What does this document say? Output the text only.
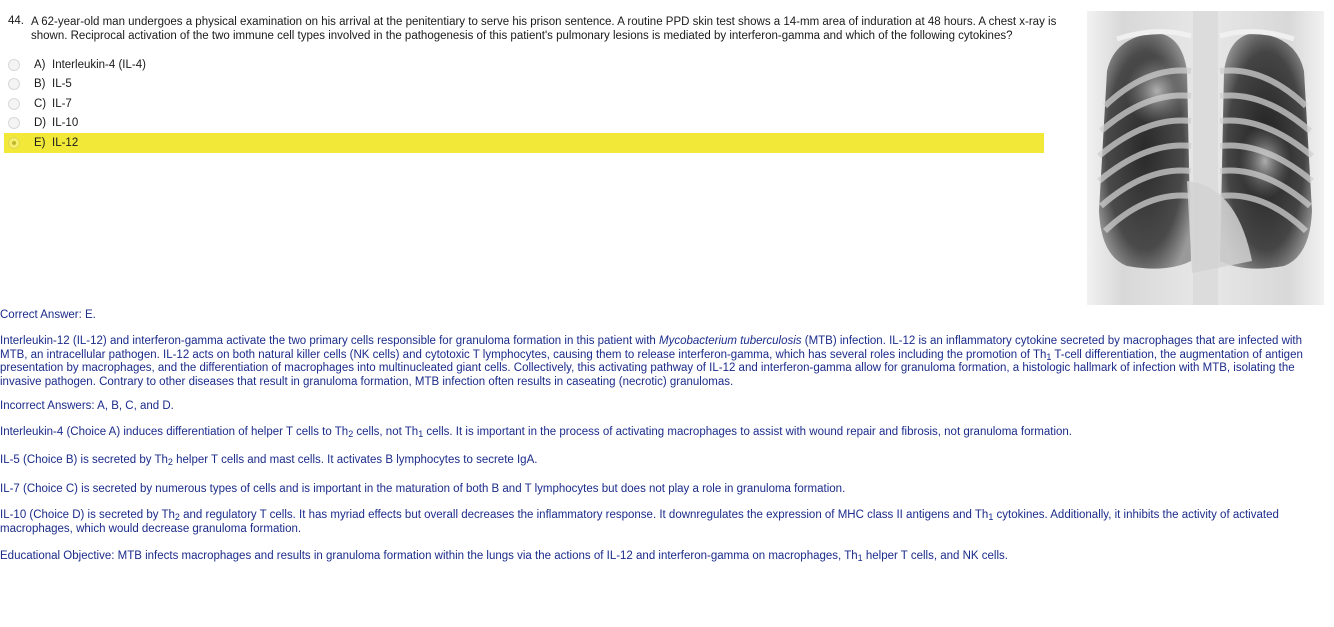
44. A 62-year-old man undergoes a physical examination on his arrival at the penitentiary to serve his prison sentence. A routine PPD skin test shows a 14-mm area of induration at 48 hours. A chest x-ray is shown. Reciprocal activation of the two immune cell types involved in the pathogenesis of this patient's pulmonary lesions is mediated by interferon-gamma and which of the following cytokines?
A) Interleukin-4 (IL-4)
B) IL-5
C) IL-7
D) IL-10
E) IL-12

Correct Answer: E.

Interleukin-12 (IL-12) and interferon-gamma activate the two primary cells responsible for granuloma formation in this patient with Mycobacterium tuberculosis (MTB) infection. IL-12 is an inflammatory cytokine secreted by macrophages that are infected with MTB, an intracellular pathogen. IL-12 acts on both natural killer cells (NK cells) and cytotoxic T lymphocytes, causing them to release interferon-gamma, which has several roles including the promotion of $Th_1$ T-cell differentiation, the augmentation of antigen presentation by macrophages, and the differentiation of macrophages into multinucleated giant cells. Collectively, this activating pathway of IL-12 and interferon-gamma allow for granuloma formation, a histologic hallmark of infection with MTB, isolating the invasive pathogen. Contrary to other diseases that result in granuloma formation, MTB infection often results in caseating (necrotic) granulomas.

Incorrect Answers: A, B, C, and D.

Interleukin-4 (Choice A) induces differentiation of helper T cells to $Th_2$ cells, not $Th_1$ cells. It is important in the process of activating macrophages to assist with wound repair and fibrosis, not granuloma formation.

IL-5 (Choice B) is secreted by $Th_2$ helper T cells and mast cells. It activates B lymphocytes to secrete IgA.

IL-7 (Choice C) is secreted by numerous types of cells and is important in the maturation of both B and T lymphocytes but does not play a role in granuloma formation.

IL-10 (Choice D) is secreted by $Th_2$ and regulatory T cells. It has myriad effects but overall decreases the inflammatory response. It downregulates the expression of MHC class II antigens and $Th_1$ cytokines. Additionally, it inhibits the activity of activated macrophages, which would decrease granuloma formation.

Educational Objective: MTB infects macrophages and results in granuloma formation within the lungs via the actions of IL-12 and interferon-gamma on macrophages, $Th_1$ helper T cells, and NK cells.
